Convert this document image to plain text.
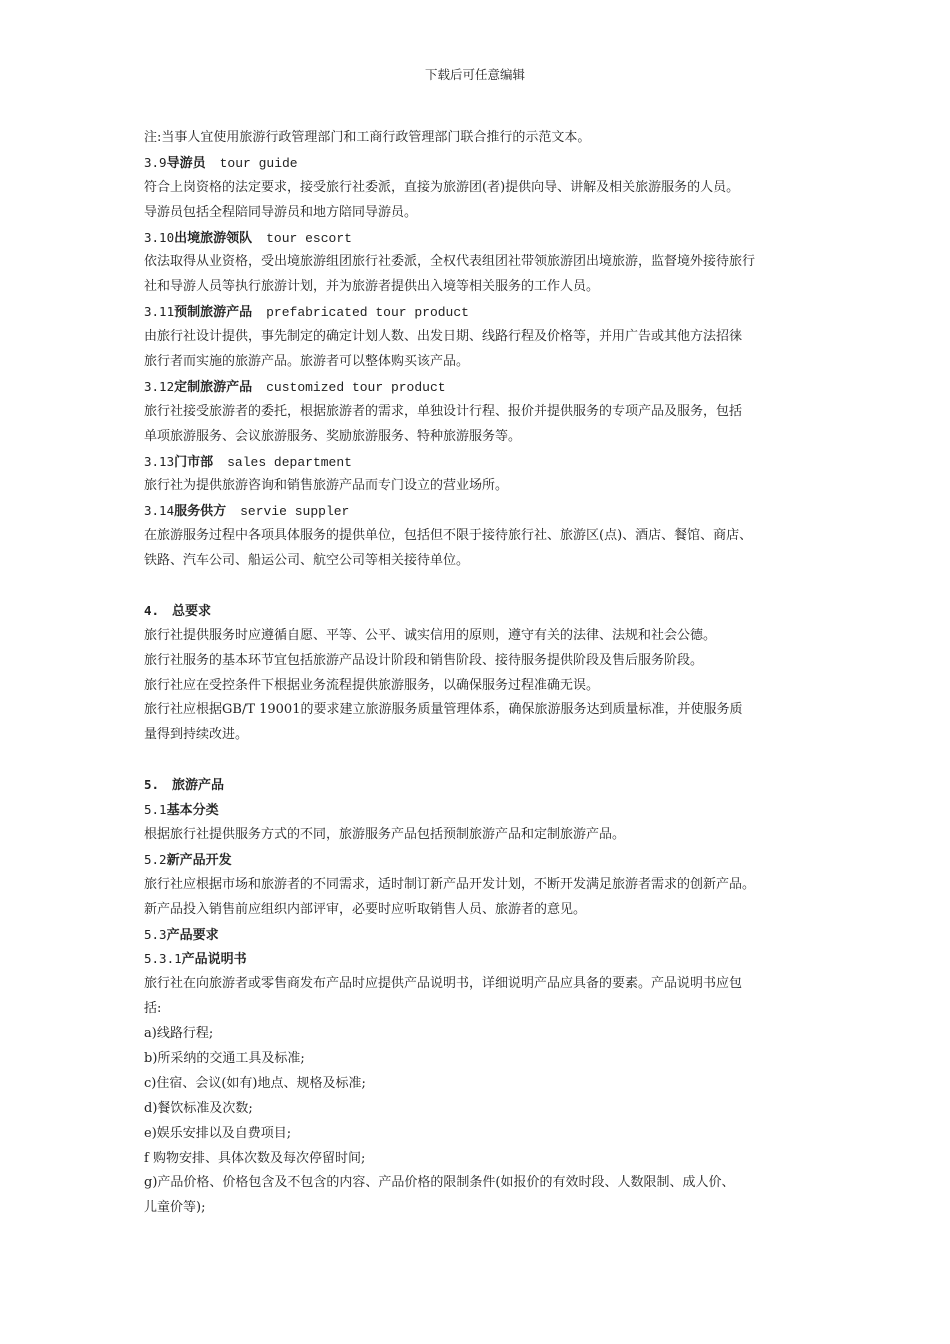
下载后可任意编辑
注:当事人宜使用旅游行政管理部门和工商行政管理部门联合推行的示范文本。
3.9导游员 tour guide
符合上岗资格的法定要求，接受旅行社委派，直接为旅游团(者)提供向导、讲解及相关旅游服务的人员。
导游员包括全程陪同导游员和地方陪同导游员。
3.10出境旅游领队 tour escort
依法取得从业资格，受出境旅游组团旅行社委派，全权代表组团社带领旅游团出境旅游，监督境外接待旅行
社和导游人员等执行旅游计划，并为旅游者提供出入境等相关服务的工作人员。
3.11预制旅游产品 prefabricated tour product
由旅行社设计提供，事先制定的确定计划人数、出发日期、线路行程及价格等，并用广告或其他方法招徕
旅行者而实施的旅游产品。旅游者可以整体购买该产品。
3.12定制旅游产品 customized tour product
旅行社接受旅游者的委托，根据旅游者的需求，单独设计行程、报价并提供服务的专项产品及服务，包括
单项旅游服务、会议旅游服务、奖励旅游服务、特种旅游服务等。
3.13门市部 sales department
旅行社为提供旅游咨询和销售旅游产品而专门设立的营业场所。
3.14服务供方 servie suppler
在旅游服务过程中各项具体服务的提供单位，包括但不限于接待旅行社、旅游区(点)、酒店、餐馆、商店、
铁路、汽车公司、船运公司、航空公司等相关接待单位。
4. 总要求
旅行社提供服务时应遵循自愿、平等、公平、诚实信用的原则，遵守有关的法律、法规和社会公德。
旅行社服务的基本环节宜包括旅游产品设计阶段和销售阶段、接待服务提供阶段及售后服务阶段。
旅行社应在受控条件下根据业务流程提供旅游服务，以确保服务过程准确无误。
旅行社应根据GB/T 19001的要求建立旅游服务质量管理体系，确保旅游服务达到质量标准，并使服务质
量得到持续改进。
5. 旅游产品
5.1基本分类
根据旅行社提供服务方式的不同，旅游服务产品包括预制旅游产品和定制旅游产品。
5.2新产品开发
旅行社应根据市场和旅游者的不同需求，适时制订新产品开发计划，不断开发满足旅游者需求的创新产品。
新产品投入销售前应组织内部评审，必要时应听取销售人员、旅游者的意见。
5.3产品要求
5.3.1产品说明书
旅行社在向旅游者或零售商发布产品时应提供产品说明书，详细说明产品应具备的要素。产品说明书应包
括:
a)线路行程;
b)所采纳的交通工具及标准;
c)住宿、会议(如有)地点、规格及标准;
d)餐饮标准及次数;
e)娱乐安排以及自费项目;
f 购物安排、具体次数及每次停留时间;
g)产品价格、价格包含及不包含的内容、产品价格的限制条件(如报价的有效时段、人数限制、成人价、
儿童价等);
